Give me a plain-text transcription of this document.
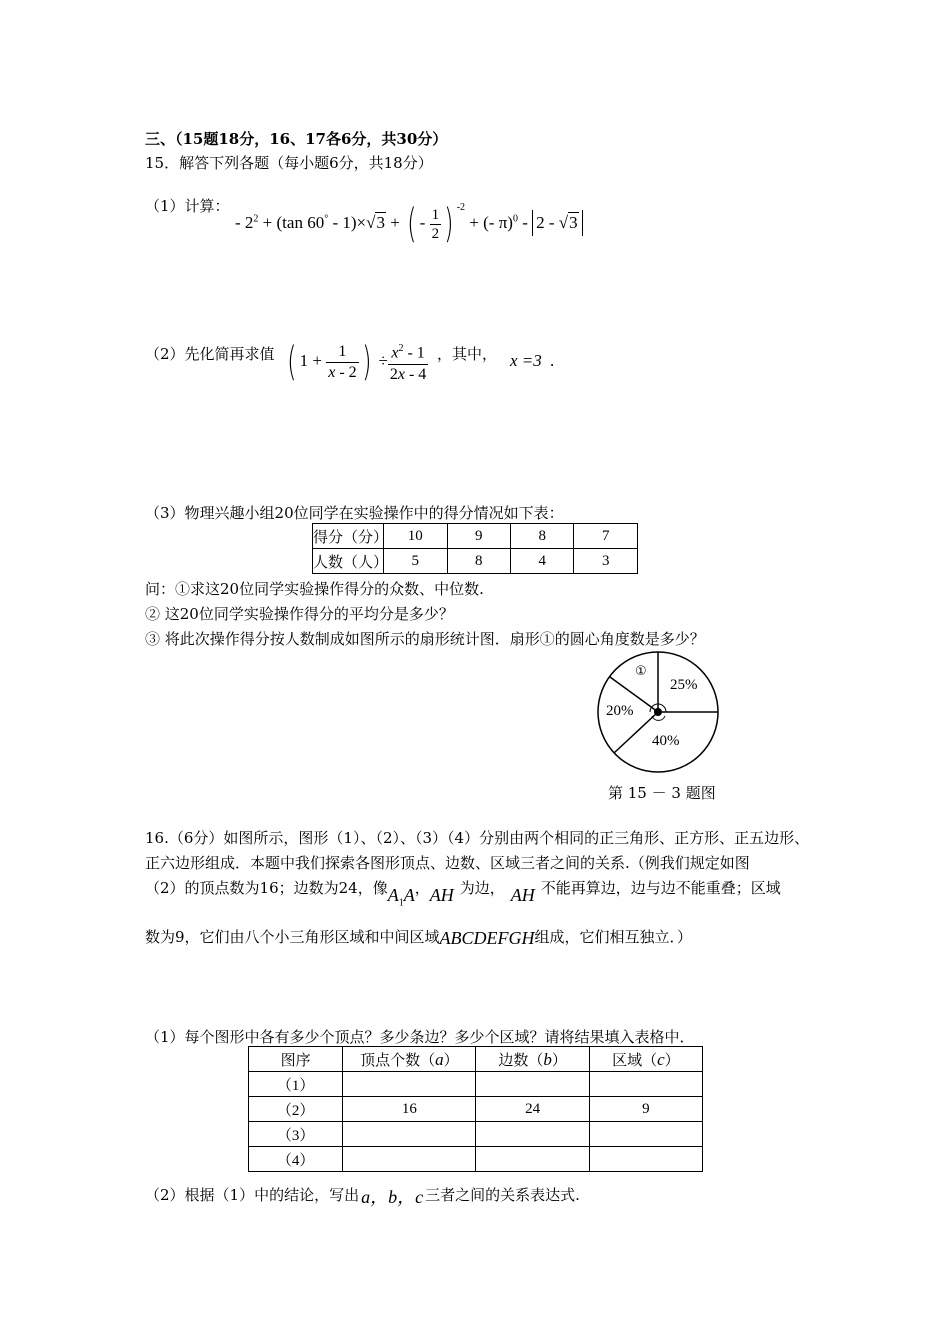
三、（15题18分，16、17各6分，共30分）
15．解答下列各题（每小题6分，共18分）
（1）计算：
- $2^2 + (\tan$ 60° - 1)×√3 + ( - $\frac{1}{2}$ ) $^{-2}$ + (- π)$^0$ - 2 - √3
（2）先化简再求值 ( $1 + \frac{1}{x - 2}$ ) ÷ $\frac{x^2 - 1}{2x - 4}$ ，其中， x =3 .
（3）物理兴趣小组20位同学在实验操作中的得分情况如下表：
得分（分）	10	9	8	7
人数（人）	5	8	4	3
问：①求这20位同学实验操作得分的众数、中位数.
② 这20位同学实验操作得分的平均分是多少？
③ 将此次操作得分按人数制成如图所示的扇形统计图．扇形①的圆心角度数是多少？
①
25%
20%
40%
第 15 － 3 题图
16.（6分）如图所示，图形（1）、（2）、（3）（4）分别由两个相同的正三角形、正方形、正五边形、
正六边形组成．本题中我们探索各图形顶点、边数、区域三者之间的关系.（例我们规定如图
（2）的顶点数为16；边数为24，像$A_1A$，AH 为边， AH 不能再算边，边与边不能重叠；区域
数为9，它们由八个小三角形区域和中间区域ABCDEFGH组成，它们相互独立．）
（1）每个图形中各有多少个顶点？多少条边？多少个区域？请将结果填入表格中．
图序	顶点个数（a）	边数（b）	区域（c）
（1）			
（2）	16	24	9
（3）			
（4）			
（2）根据（1）中的结论，写出 a，b，c 三者之间的关系表达式.
